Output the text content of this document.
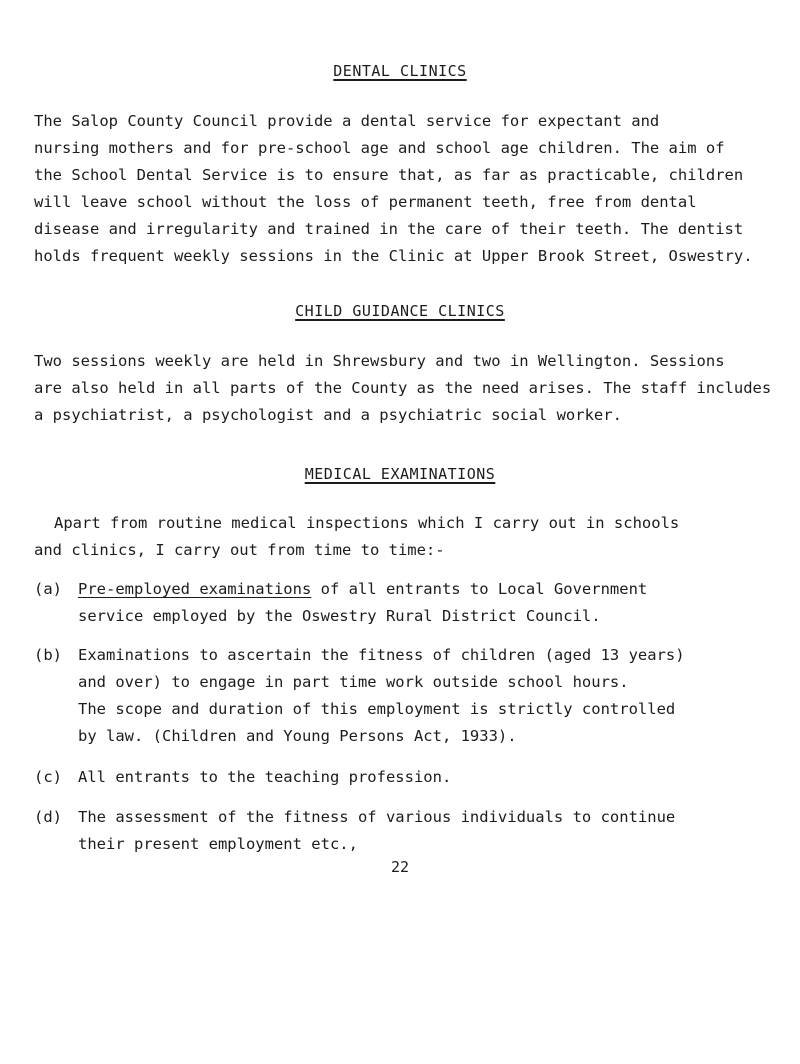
DENTAL CLINICS

The Salop County Council provide a dental service for expectant and
nursing mothers and for pre-school age and school age children. The aim of
the School Dental Service is to ensure that, as far as practicable, children
will leave school without the loss of permanent teeth, free from dental
disease and irregularity and trained in the care of their teeth. The dentist
holds frequent weekly sessions in the Clinic at Upper Brook Street, Oswestry.

CHILD GUIDANCE CLINICS

Two sessions weekly are held in Shrewsbury and two in Wellington. Sessions
are also held in all parts of the County as the need arises. The staff includes
a psychiatrist, a psychologist and a psychiatric social worker.

MEDICAL EXAMINATIONS

Apart from routine medical inspections which I carry out in schools
and clinics, I carry out from time to time:-

(a) Pre-employed examinations of all entrants to Local Government
service employed by the Oswestry Rural District Council.
(b) Examinations to ascertain the fitness of children (aged 13 years)
and over) to engage in part time work outside school hours.
The scope and duration of this employment is strictly controlled
by law. (Children and Young Persons Act, 1933).
(c) All entrants to the teaching profession.
(d) The assessment of the fitness of various individuals to continue
their present employment etc.,
22
